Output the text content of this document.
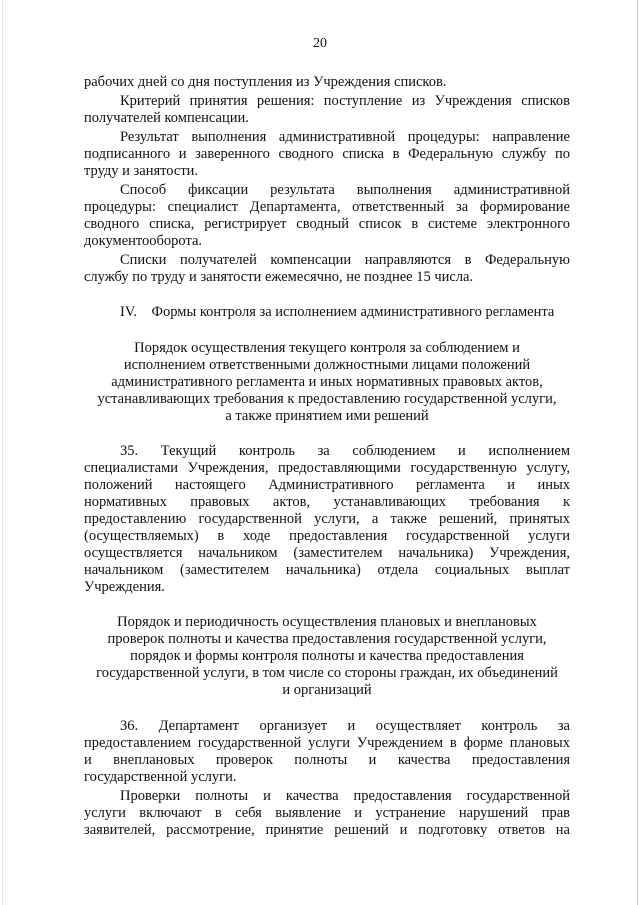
20
рабочих дней со дня поступления из Учреждения списков.
Критерий принятия решения: поступление из Учреждения списков
получателей компенсации.
Результат выполнения административной процедуры: направление
подписанного и заверенного сводного списка в Федеральную службу по
труду и занятости.
Способ фиксации результата выполнения административной
процедуры: специалист Департамента, ответственный за формирование
сводного списка, регистрирует сводный список в системе электронного
документооборота.
Списки получателей компенсации направляются в Федеральную
службу по труду и занятости ежемесячно, не позднее 15 числа.
IV.    Формы контроля за исполнением административного регламента
Порядок осуществления текущего контроля за соблюдением и
исполнением ответственными должностными лицами положений
административного регламента и иных нормативных правовых актов,
устанавливающих требования к предоставлению государственной услуги,
а также принятием ими решений
35. Текущий контроль за соблюдением и исполнением
специалистами Учреждения, предоставляющими государственную услугу,
положений настоящего Административного регламента и иных
нормативных правовых актов, устанавливающих требования к
предоставлению государственной услуги, а также решений, принятых
(осуществляемых) в ходе предоставления государственной услуги
осуществляется начальником (заместителем начальника) Учреждения,
начальником (заместителем начальника) отдела социальных выплат
Учреждения.
Порядок и периодичность осуществления плановых и внеплановых
проверок полноты и качества предоставления государственной услуги,
порядок и формы контроля полноты и качества предоставления
государственной услуги, в том числе со стороны граждан, их объединений
и организаций
36. Департамент организует и осуществляет контроль за
предоставлением государственной услуги Учреждением в форме плановых
и внеплановых проверок полноты и качества предоставления
государственной услуги.
Проверки полноты и качества предоставления государственной
услуги включают в себя выявление и устранение нарушений прав
заявителей, рассмотрение, принятие решений и подготовку ответов на
